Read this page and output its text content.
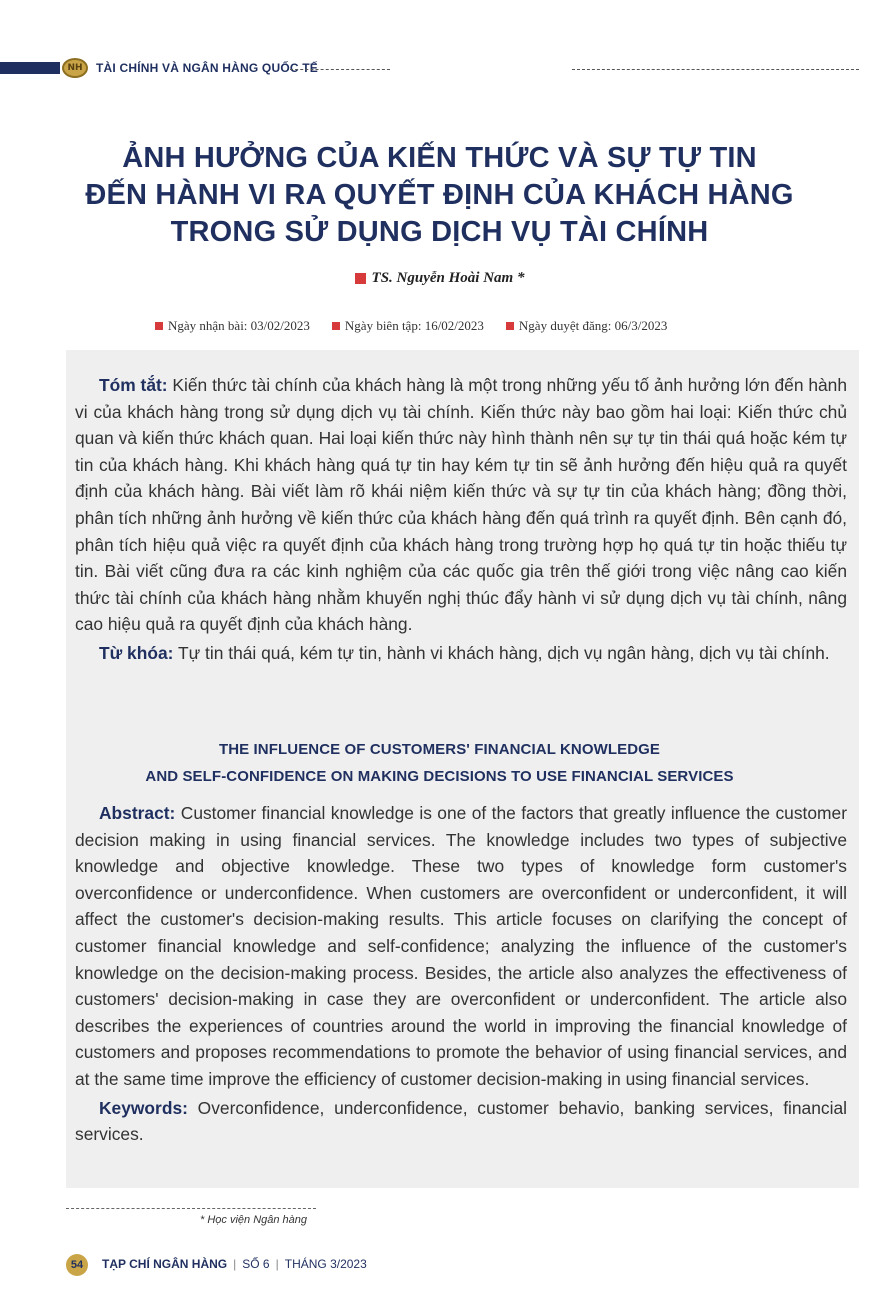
NH	TÀI CHÍNH VÀ NGÂN HÀNG QUỐC TẾ
ẢNH HƯỞNG CỦA KIẾN THỨC VÀ SỰ TỰ TIN
ĐẾN HÀNH VI RA QUYẾT ĐỊNH CỦA KHÁCH HÀNG
TRONG SỬ DỤNG DỊCH VỤ TÀI CHÍNH
TS. Nguyễn Hoài Nam *
Ngày nhận bài: 03/02/2023	Ngày biên tập: 16/02/2023	Ngày duyệt đăng: 06/3/2023
Tóm tắt: Kiến thức tài chính của khách hàng là một trong những yếu tố ảnh hưởng lớn đến hành vi của khách hàng trong sử dụng dịch vụ tài chính. Kiến thức này bao gồm hai loại: Kiến thức chủ quan và kiến thức khách quan. Hai loại kiến thức này hình thành nên sự tự tin thái quá hoặc kém tự tin của khách hàng. Khi khách hàng quá tự tin hay kém tự tin sẽ ảnh hưởng đến hiệu quả ra quyết định của khách hàng. Bài viết làm rõ khái niệm kiến thức và sự tự tin của khách hàng; đồng thời, phân tích những ảnh hưởng về kiến thức của khách hàng đến quá trình ra quyết định. Bên cạnh đó, phân tích hiệu quả việc ra quyết định của khách hàng trong trường hợp họ quá tự tin hoặc thiếu tự tin. Bài viết cũng đưa ra các kinh nghiệm của các quốc gia trên thế giới trong việc nâng cao kiến thức tài chính của khách hàng nhằm khuyến nghị thúc đẩy hành vi sử dụng dịch vụ tài chính, nâng cao hiệu quả ra quyết định của khách hàng.
Từ khóa: Tự tin thái quá, kém tự tin, hành vi khách hàng, dịch vụ ngân hàng, dịch vụ tài chính.
THE INFLUENCE OF CUSTOMERS' FINANCIAL KNOWLEDGE
AND SELF-CONFIDENCE ON MAKING DECISIONS TO USE FINANCIAL SERVICES
Abstract: Customer financial knowledge is one of the factors that greatly influence the customer decision making in using financial services. The knowledge includes two types of subjective knowledge and objective knowledge. These two types of knowledge form customer's overconfidence or underconfidence. When customers are overconfident or underconfident, it will affect the customer's decision-making results. This article focuses on clarifying the concept of customer financial knowledge and self-confidence; analyzing the influence of the customer's knowledge on the decision-making process. Besides, the article also analyzes the effectiveness of customers' decision-making in case they are overconfident or underconfident. The article also describes the experiences of countries around the world in improving the financial knowledge of customers and proposes recommendations to promote the behavior of using financial services, and at the same time improve the efficiency of customer decision-making in using financial services.
Keywords: Overconfidence, underconfidence, customer behavio, banking services, financial services.
* Học viện Ngân hàng
54	TẠP CHÍ NGÂN HÀNG | SỐ 6 | THÁNG 3/2023
